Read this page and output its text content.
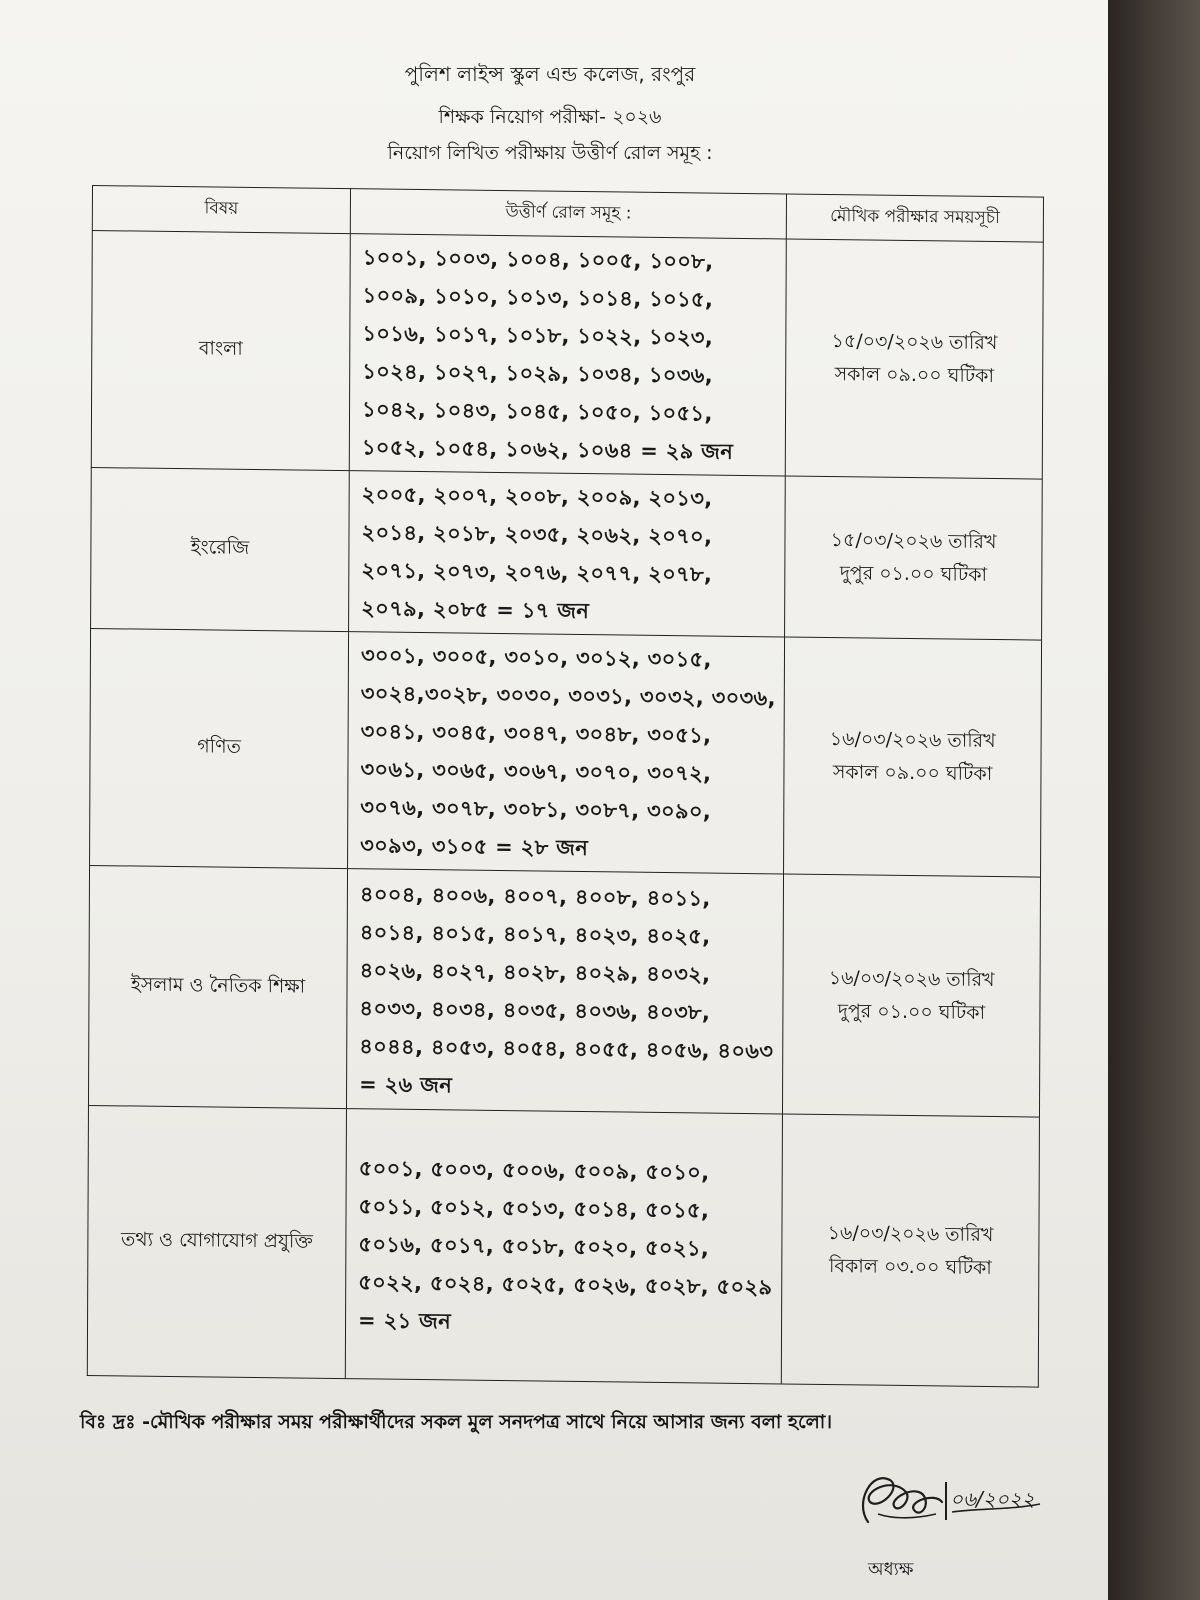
পুলিশ লাইন্স স্কুল এন্ড কলেজ, রংপুর
শিক্ষক নিয়োগ পরীক্ষা- ২০২৬
নিয়োগ লিখিত পরীক্ষায় উত্তীর্ণ রোল সমূহ :
বিষয়	উত্তীর্ণ রোল সমূহ :	মৌখিক পরীক্ষার সময়সূচী
বাংলা	১০০১, ১০০৩, ১০০৪, ১০০৫, ১০০৮, ১০০৯, ১০১০, ১০১৩, ১০১৪, ১০১৫, ১০১৬, ১০১৭, ১০১৮, ১০২২, ১০২৩, ১০২৪, ১০২৭, ১০২৯, ১০৩৪, ১০৩৬, ১০৪২, ১০৪৩, ১০৪৫, ১০৫০, ১০৫১, ১০৫২, ১০৫৪, ১০৬২, ১০৬৪ = ২৯ জন	১৫/০৩/২০২৬ তারিখ
সকাল ০৯.০০ ঘটিকা

ইংরেজি	২০০৫, ২০০৭, ২০০৮, ২০০৯, ২০১৩, ২০১৪, ২০১৮, ২০৩৫, ২০৬২, ২০৭০, ২০৭১, ২০৭৩, ২০৭৬, ২০৭৭, ২০৭৮, ২০৭৯, ২০৮৫ = ১৭ জন	১৫/০৩/২০২৬ তারিখ
দুপুর ০১.০০ ঘটিকা

গণিত	৩০০১, ৩০০৫, ৩০১০, ৩০১২, ৩০১৫, ৩০২৪,৩০২৮, ৩০৩০, ৩০৩১, ৩০৩২, ৩০৩৬, ৩০৪১, ৩০৪৫, ৩০৪৭, ৩০৪৮, ৩০৫১, ৩০৬১, ৩০৬৫, ৩০৬৭, ৩০৭০, ৩০৭২, ৩০৭৬, ৩০৭৮, ৩০৮১, ৩০৮৭, ৩০৯০, ৩০৯৩, ৩১০৫ = ২৮ জন	১৬/০৩/২০২৬ তারিখ
সকাল ০৯.০০ ঘটিকা

ইসলাম ও নৈতিক শিক্ষা	৪০০৪, ৪০০৬, ৪০০৭, ৪০০৮, ৪০১১, ৪০১৪, ৪০১৫, ৪০১৭, ৪০২৩, ৪০২৫, ৪০২৬, ৪০২৭, ৪০২৮, ৪০২৯, ৪০৩২, ৪০৩৩, ৪০৩৪, ৪০৩৫, ৪০৩৬, ৪০৩৮, ৪০৪৪, ৪০৫৩, ৪০৫৪, ৪০৫৫, ৪০৫৬, ৪০৬৩ = ২৬ জন	১৬/০৩/২০২৬ তারিখ
দুপুর ০১.০০ ঘটিকা

তথ্য ও যোগাযোগ প্রযুক্তি	৫০০১, ৫০০৩, ৫০০৬, ৫০০৯, ৫০১০, ৫০১১, ৫০১২, ৫০১৩, ৫০১৪, ৫০১৫, ৫০১৬, ৫০১৭, ৫০১৮, ৫০২০, ৫০২১, ৫০২২, ৫০২৪, ৫০২৫, ৫০২৬, ৫০২৮, ৫০২৯ = ২১ জন	১৬/০৩/২০২৬ তারিখ
বিকাল ০৩.০০ ঘটিকা
বিঃ দ্রঃ -মৌখিক পরীক্ষার সময় পরীক্ষার্থীদের সকল মুল সনদপত্র সাথে নিয়ে আসার জন্য বলা হলো।
০৬/২০২২
অধ্যক্ষ
